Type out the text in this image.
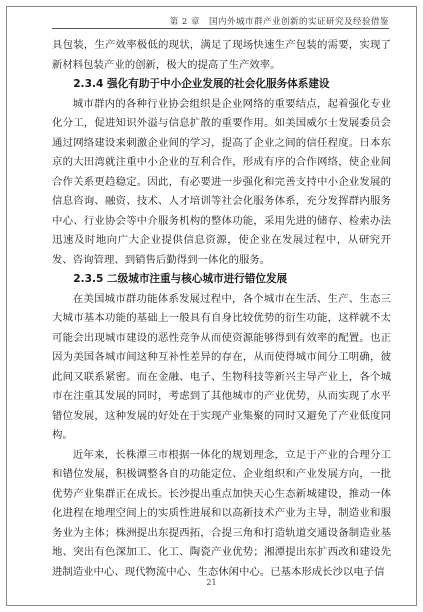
第 2 章　国内外城市群产业创新的实证研究及经验借鉴

具包装，生产效率极低的现状，满足了现场快速生产包装的需要，实现了新材料包装产业的创新，极大的提高了生产效率。

2.3.4 强化有助于中小企业发展的社会化服务体系建设

城市群内的各种行业协会组织是企业网络的重要结点，起着强化专业化分工，促进知识外溢与信息扩散的重要作用。如美国威尔士发展委员会通过网络建设来刺激企业间的学习，提高了企业之间的信任程度。日本东京的大田湾就注重中小企业的互利合作，形成有序的合作网络，使企业间合作关系更趋稳定。因此，有必要进一步强化和完善支持中小企业发展的信息咨询、融资、技术、人才培训等社会化服务体系，充分发挥群内服务中心、行业协会等中介服务机构的整体功能，采用先进的储存、检索办法迅速及时地向广大企业提供信息资源，使企业在发展过程中，从研究开发、咨询管理、到销售后勤得到一体化的服务。

2.3.5 二级城市注重与核心城市进行错位发展

在美国城市群功能体系发展过程中，各个城市在生活、生产、生态三大城市基本功能的基础上一般具有自身比较优势的衍生功能，这样就不太可能会出现城市建设的恶性竞争从而使资源能够得到有效率的配置。也正因为美国各城市间这种互补性差异的存在，从而使得城市间分工明确，彼此间又联系紧密。而在金融、电子、生物科技等新兴主导产业上，各个城市在注重其发展的同时，考虑到了其他城市的产业优势，从而实现了水平错位发展，这种发展的好处在于实现产业集聚的同时又避免了产业低度同构。

近年来，长株潭三市根据一体化的规划理念，立足于产业的合理分工和错位发展，积极调整各自的功能定位、企业组织和产业发展方向，一批优势产业集群正在成长。长沙提出重点加快天心生态新城建设，推动一体化进程在地理空间上的实质性进展和以高新技术产业为主导，制造业和服务业为主体；株洲提出东提西拓，合提三角和打造轨道交通设备制造业基地、突出有色深加工、化工、陶瓷产业优势；湘潭提出东扩西改和建设先进制造业中心、现代物流中心、生态休闲中心。已基本形成长沙以电子信

21
